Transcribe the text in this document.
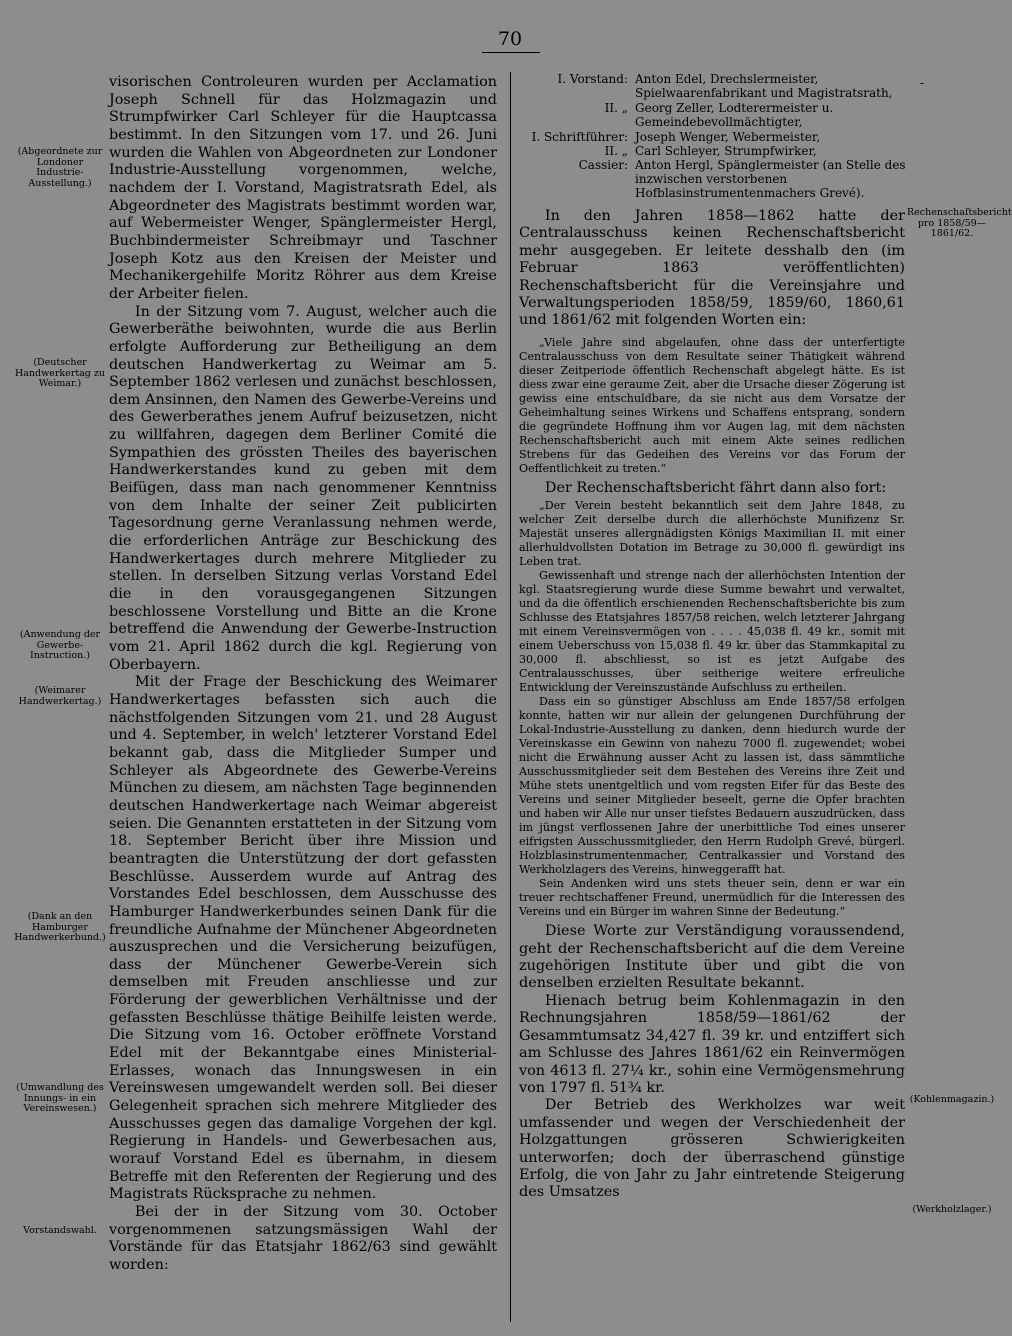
70
-

visorischen Controleuren wurden per Acclamation Joseph Schnell für das Holzmagazin und Strumpfwirker Carl Schleyer für die Hauptcassa bestimmt. In den Sitzungen vom 17. und 26. Juni wurden die Wahlen von Abgeordneten zur Londoner Industrie-Ausstellung vorgenommen, welche, nachdem der I. Vorstand, Magistratsrath Edel, als Abgeordneter des Magistrats bestimmt worden war, auf Webermeister Wenger, Spänglermeister Hergl, Buchbindermeister Schreibmayr und Taschner Joseph Kotz aus den Kreisen der Meister und Mechanikergehilfe Moritz Röhrer aus dem Kreise der Arbeiter fielen.

In der Sitzung vom 7. August, welcher auch die Gewerberäthe beiwohnten, wurde die aus Berlin erfolgte Aufforderung zur Betheiligung an dem deutschen Handwerkertag zu Weimar am 5. September 1862 verlesen und zunächst beschlossen, dem Ansinnen, den Namen des Gewerbe-Vereins und des Gewerberathes jenem Aufruf beizusetzen, nicht zu willfahren, dagegen dem Berliner Comité die Sympathien des grössten Theiles des bayerischen Handwerkerstandes kund zu geben mit dem Beifügen, dass man nach genommener Kenntniss von dem Inhalte der seiner Zeit publicirten Tagesordnung gerne Veranlassung nehmen werde, die erforderlichen Anträge zur Beschickung des Handwerkertages durch mehrere Mitglieder zu stellen. In derselben Sitzung verlas Vorstand Edel die in den vorausgegangenen Sitzungen beschlossene Vorstellung und Bitte an die Krone betreffend die Anwendung der Gewerbe-Instruction vom 21. April 1862 durch die kgl. Regierung von Oberbayern.

Mit der Frage der Beschickung des Weimarer Handwerkertages befassten sich auch die nächstfolgenden Sitzungen vom 21. und 28 August und 4. September, in welch' letzterer Vorstand Edel bekannt gab, dass die Mitglieder Sumper und Schleyer als Abgeordnete des Gewerbe-Vereins München zu diesem, am nächsten Tage beginnenden deutschen Handwerkertage nach Weimar abgereist seien. Die Genannten erstatteten in der Sitzung vom 18. September Bericht über ihre Mission und beantragten die Unterstützung der dort gefassten Beschlüsse. Ausserdem wurde auf Antrag des Vorstandes Edel beschlossen, dem Ausschusse des Hamburger Handwerkerbundes seinen Dank für die freundliche Aufnahme der Münchener Abgeordneten auszusprechen und die Versicherung beizufügen, dass der Münchener Gewerbe-Verein sich demselben mit Freuden anschliesse und zur Förderung der gewerblichen Verhältnisse und der gefassten Beschlüsse thätige Beihilfe leisten werde. Die Sitzung vom 16. October eröffnete Vorstand Edel mit der Bekanntgabe eines Ministerial-Erlasses, wonach das Innungswesen in ein Vereinswesen umgewandelt werden soll. Bei dieser Gelegenheit sprachen sich mehrere Mitglieder des Ausschusses gegen das damalige Vorgehen der kgl. Regierung in Handels- und Gewerbesachen aus, worauf Vorstand Edel es übernahm, in diesem Betreffe mit den Referenten der Regierung und des Magistrats Rücksprache zu nehmen.

Bei der in der Sitzung vom 30. October vorgenommenen satzungsmässigen Wahl der Vorstände für das Etatsjahr 1862/63 sind gewählt worden:

(Abgeordnete zur Londoner Industrie-Ausstellung.)
(Deutscher Handwerkertag zu Weimar.)
(Anwendung der Gewerbe-Instruction.)
(Weimarer Handwerkertag.)
(Dank an den Hamburger Handwerkerbund.)
(Umwandlung des Innungs- in ein Vereinswesen.)
Vorstandswahl.
I. Vorstand: Anton Edel, Drechslermeister, Spielwaarenfabrikant und Magistratsrath,
II. „ Georg Zeller, Lodterermeister u. Gemeindebevollmächtigter,
I. Schriftführer: Joseph Wenger, Webermeister,
II. „ Carl Schleyer, Strumpfwirker,
Cassier: Anton Hergl, Spänglermeister (an Stelle des inzwischen verstorbenen Hofblasinstrumentenmachers Grevé).

In den Jahren 1858—1862 hatte der Centralausschuss keinen Rechenschaftsbericht mehr ausgegeben. Er leitete desshalb den (im Februar 1863 veröffentlichten) Rechenschaftsbericht für die Vereinsjahre und Verwaltungsperioden 1858/59, 1859/60, 1860,61 und 1861/62 mit folgenden Worten ein:

„Viele Jahre sind abgelaufen, ohne dass der unterfertigte Centralausschuss von dem Resultate seiner Thätigkeit während dieser Zeitperiode öffentlich Rechenschaft abgelegt hätte. Es ist diess zwar eine geraume Zeit, aber die Ursache dieser Zögerung ist gewiss eine entschuldbare, da sie nicht aus dem Vorsatze der Geheimhaltung seines Wirkens und Schaffens entsprang, sondern die gegründete Hoffnung ihm vor Augen lag, mit dem nächsten Rechenschaftsbericht auch mit einem Akte seines redlichen Strebens für das Gedeihen des Vereins vor das Forum der Oeffentlichkeit zu treten.“

Der Rechenschaftsbericht fährt dann also fort:

„Der Verein besteht bekanntlich seit dem Jahre 1848, zu welcher Zeit derselbe durch die allerhöchste Munifizenz Sr. Majestät unseres allergnädigsten Königs Maximilian II. mit einer allerhuldvollsten Dotation im Betrage zu 30,000 fl. gewürdigt ins Leben trat.

Gewissenhaft und strenge nach der allerhöchsten Intention der kgl. Staatsregierung wurde diese Summe bewahrt und verwaltet, und da die öffentlich erschienenden Rechenschaftsberichte bis zum Schlusse des Etatsjahres 1857/58 reichen, welch letzterer Jahrgang mit einem Vereinsvermögen von . . . . 45,038 fl. 49 kr., somit mit einem Ueberschuss von 15,038 fl. 49 kr. über das Stammkapital zu 30,000 fl. abschliesst, so ist es jetzt Aufgabe des Centralausschusses, über seitherige weitere erfreuliche Entwicklung der Vereinszustände Aufschluss zu ertheilen.

Dass ein so günstiger Abschluss am Ende 1857/58 erfolgen konnte, hatten wir nur allein der gelungenen Durchführung der Lokal-Industrie-Ausstellung zu danken, denn hiedurch wurde der Vereinskasse ein Gewinn von nahezu 7000 fl. zugewendet; wobei nicht die Erwähnung ausser Acht zu lassen ist, dass sämmtliche Ausschussmitglieder seit dem Bestehen des Vereins ihre Zeit und Mühe stets unentgeltlich und vom regsten Eifer für das Beste des Vereins und seiner Mitglieder beseelt, gerne die Opfer brachten und haben wir Alle nur unser tiefstes Bedauern auszudrücken, dass im jüngst verflossenen Jahre der unerbittliche Tod eines unserer eifrigsten Ausschussmitglieder, den Herrn Rudolph Grevé, bürgerl. Holzblasinstrumentenmacher, Centralkassier und Vorstand des Werkholzlagers des Vereins, hinweggerafft hat.

Sein Andenken wird uns stets theuer sein, denn er war ein treuer rechtschaffener Freund, unermüdlich für die Interessen des Vereins und ein Bürger im wahren Sinne der Bedeutung.“

Diese Worte zur Verständigung voraussendend, geht der Rechenschaftsbericht auf die dem Vereine zugehörigen Institute über und gibt die von denselben erzielten Resultate bekannt.

Hienach betrug beim Kohlenmagazin in den Rechnungsjahren 1858/59—1861/62 der Gesammtumsatz 34,427 fl. 39 kr. und entziffert sich am Schlusse des Jahres 1861/62 ein Reinvermögen von 4613 fl. 27¼ kr., sohin eine Vermögensmehrung von 1797 fl. 51¾ kr.

Der Betrieb des Werkholzes war weit umfassender und wegen der Verschiedenheit der Holzgattungen grösseren Schwierigkeiten unterworfen; doch der überraschend günstige Erfolg, die von Jahr zu Jahr eintretende Steigerung des Umsatzes

Rechenschaftsbericht pro 1858/59—1861/62.
(Kohlenmagazin.)
(Werkholzlager.)
